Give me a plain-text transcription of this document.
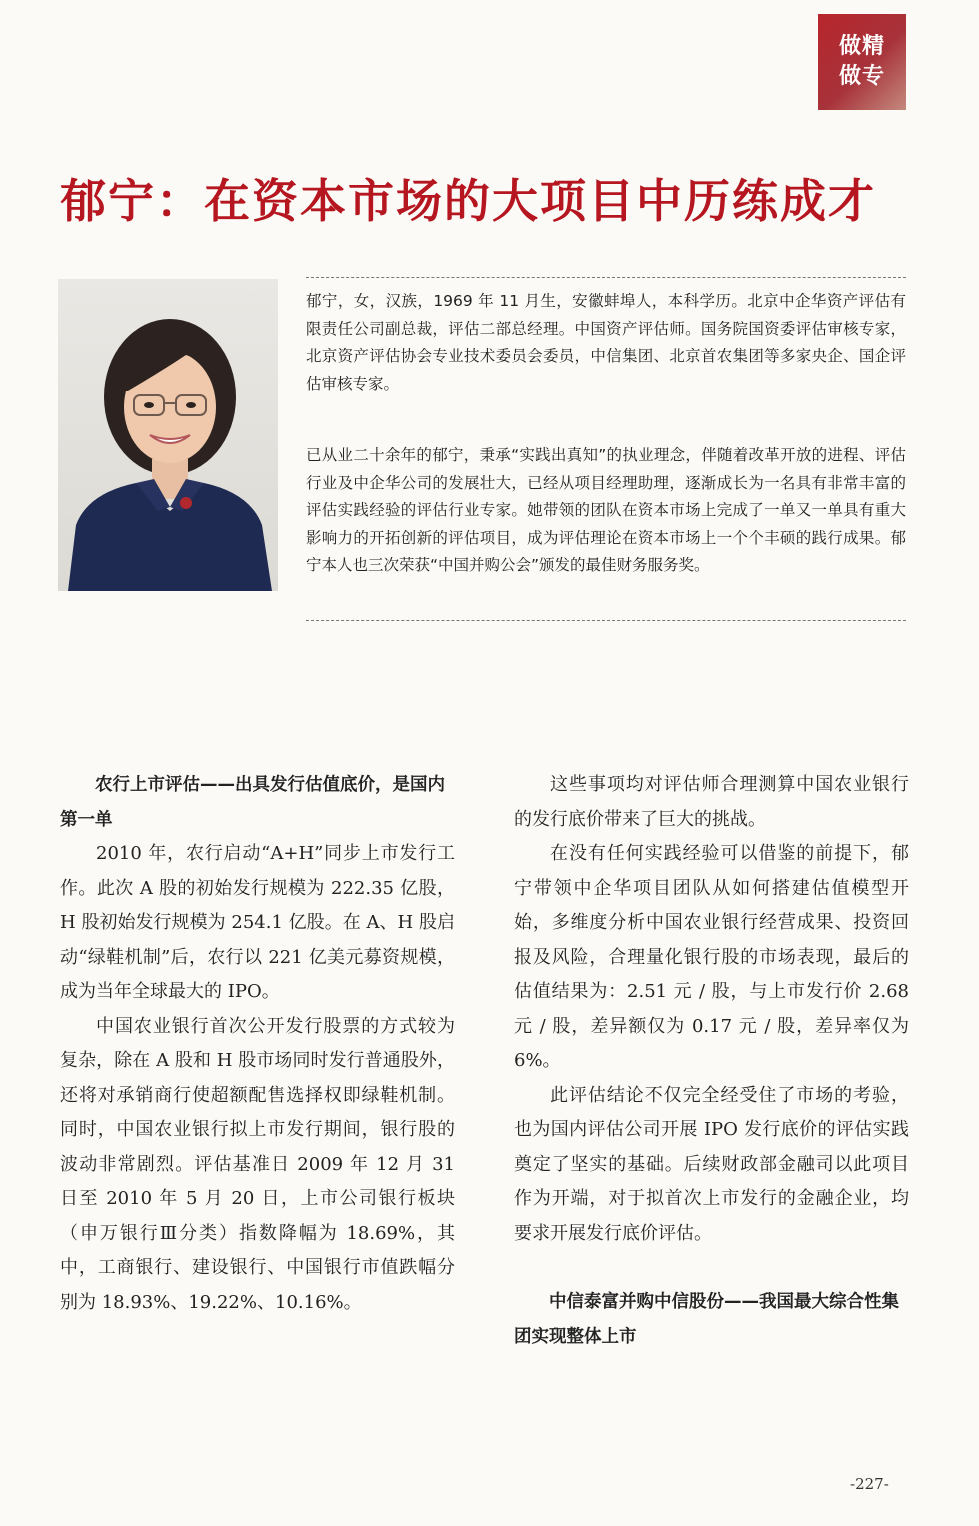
做精
做专
郁宁：在资本市场的大项目中历练成才
郁宁，女，汉族，1969 年 11 月生，安徽蚌埠人，本科学历。北京中企华资产评估有限责任公司副总裁，评估二部总经理。中国资产评估师。国务院国资委评估审核专家，北京资产评估协会专业技术委员会委员，中信集团、北京首农集团等多家央企、国企评估审核专家。
已从业二十余年的郁宁，秉承“实践出真知”的执业理念，伴随着改革开放的进程、评估行业及中企华公司的发展壮大，已经从项目经理助理，逐渐成长为一名具有非常丰富的评估实践经验的评估行业专家。她带领的团队在资本市场上完成了一单又一单具有重大影响力的开拓创新的评估项目，成为评估理论在资本市场上一个个丰硕的践行成果。郁宁本人也三次荣获“中国并购公会”颁发的最佳财务服务奖。
农行上市评估——出具发行估值底价，是国内第一单

2010 年，农行启动“A+H”同步上市发行工作。此次 A 股的初始发行规模为 222.35 亿股，H 股初始发行规模为 254.1 亿股。在 A、H 股启动“绿鞋机制”后，农行以 221 亿美元募资规模，成为当年全球最大的 IPO。

中国农业银行首次公开发行股票的方式较为复杂，除在 A 股和 H 股市场同时发行普通股外，还将对承销商行使超额配售选择权即绿鞋机制。同时，中国农业银行拟上市发行期间，银行股的波动非常剧烈。评估基准日 2009 年 12 月 31 日至 2010 年 5 月 20 日，上市公司银行板块（申万银行Ⅲ分类）指数降幅为 18.69%，其中，工商银行、建设银行、中国银行市值跌幅分别为 18.93%、19.22%、10.16%。

这些事项均对评估师合理测算中国农业银行的发行底价带来了巨大的挑战。

在没有任何实践经验可以借鉴的前提下，郁宁带领中企华项目团队从如何搭建估值模型开始，多维度分析中国农业银行经营成果、投资回报及风险，合理量化银行股的市场表现，最后的估值结果为：2.51 元 / 股，与上市发行价 2.68 元 / 股，差异额仅为 0.17 元 / 股，差异率仅为 6%。

此评估结论不仅完全经受住了市场的考验，也为国内评估公司开展 IPO 发行底价的评估实践奠定了坚实的基础。后续财政部金融司以此项目作为开端，对于拟首次上市发行的金融企业，均要求开展发行底价评估。

中信泰富并购中信股份——我国最大综合性集团实现整体上市
-227-
